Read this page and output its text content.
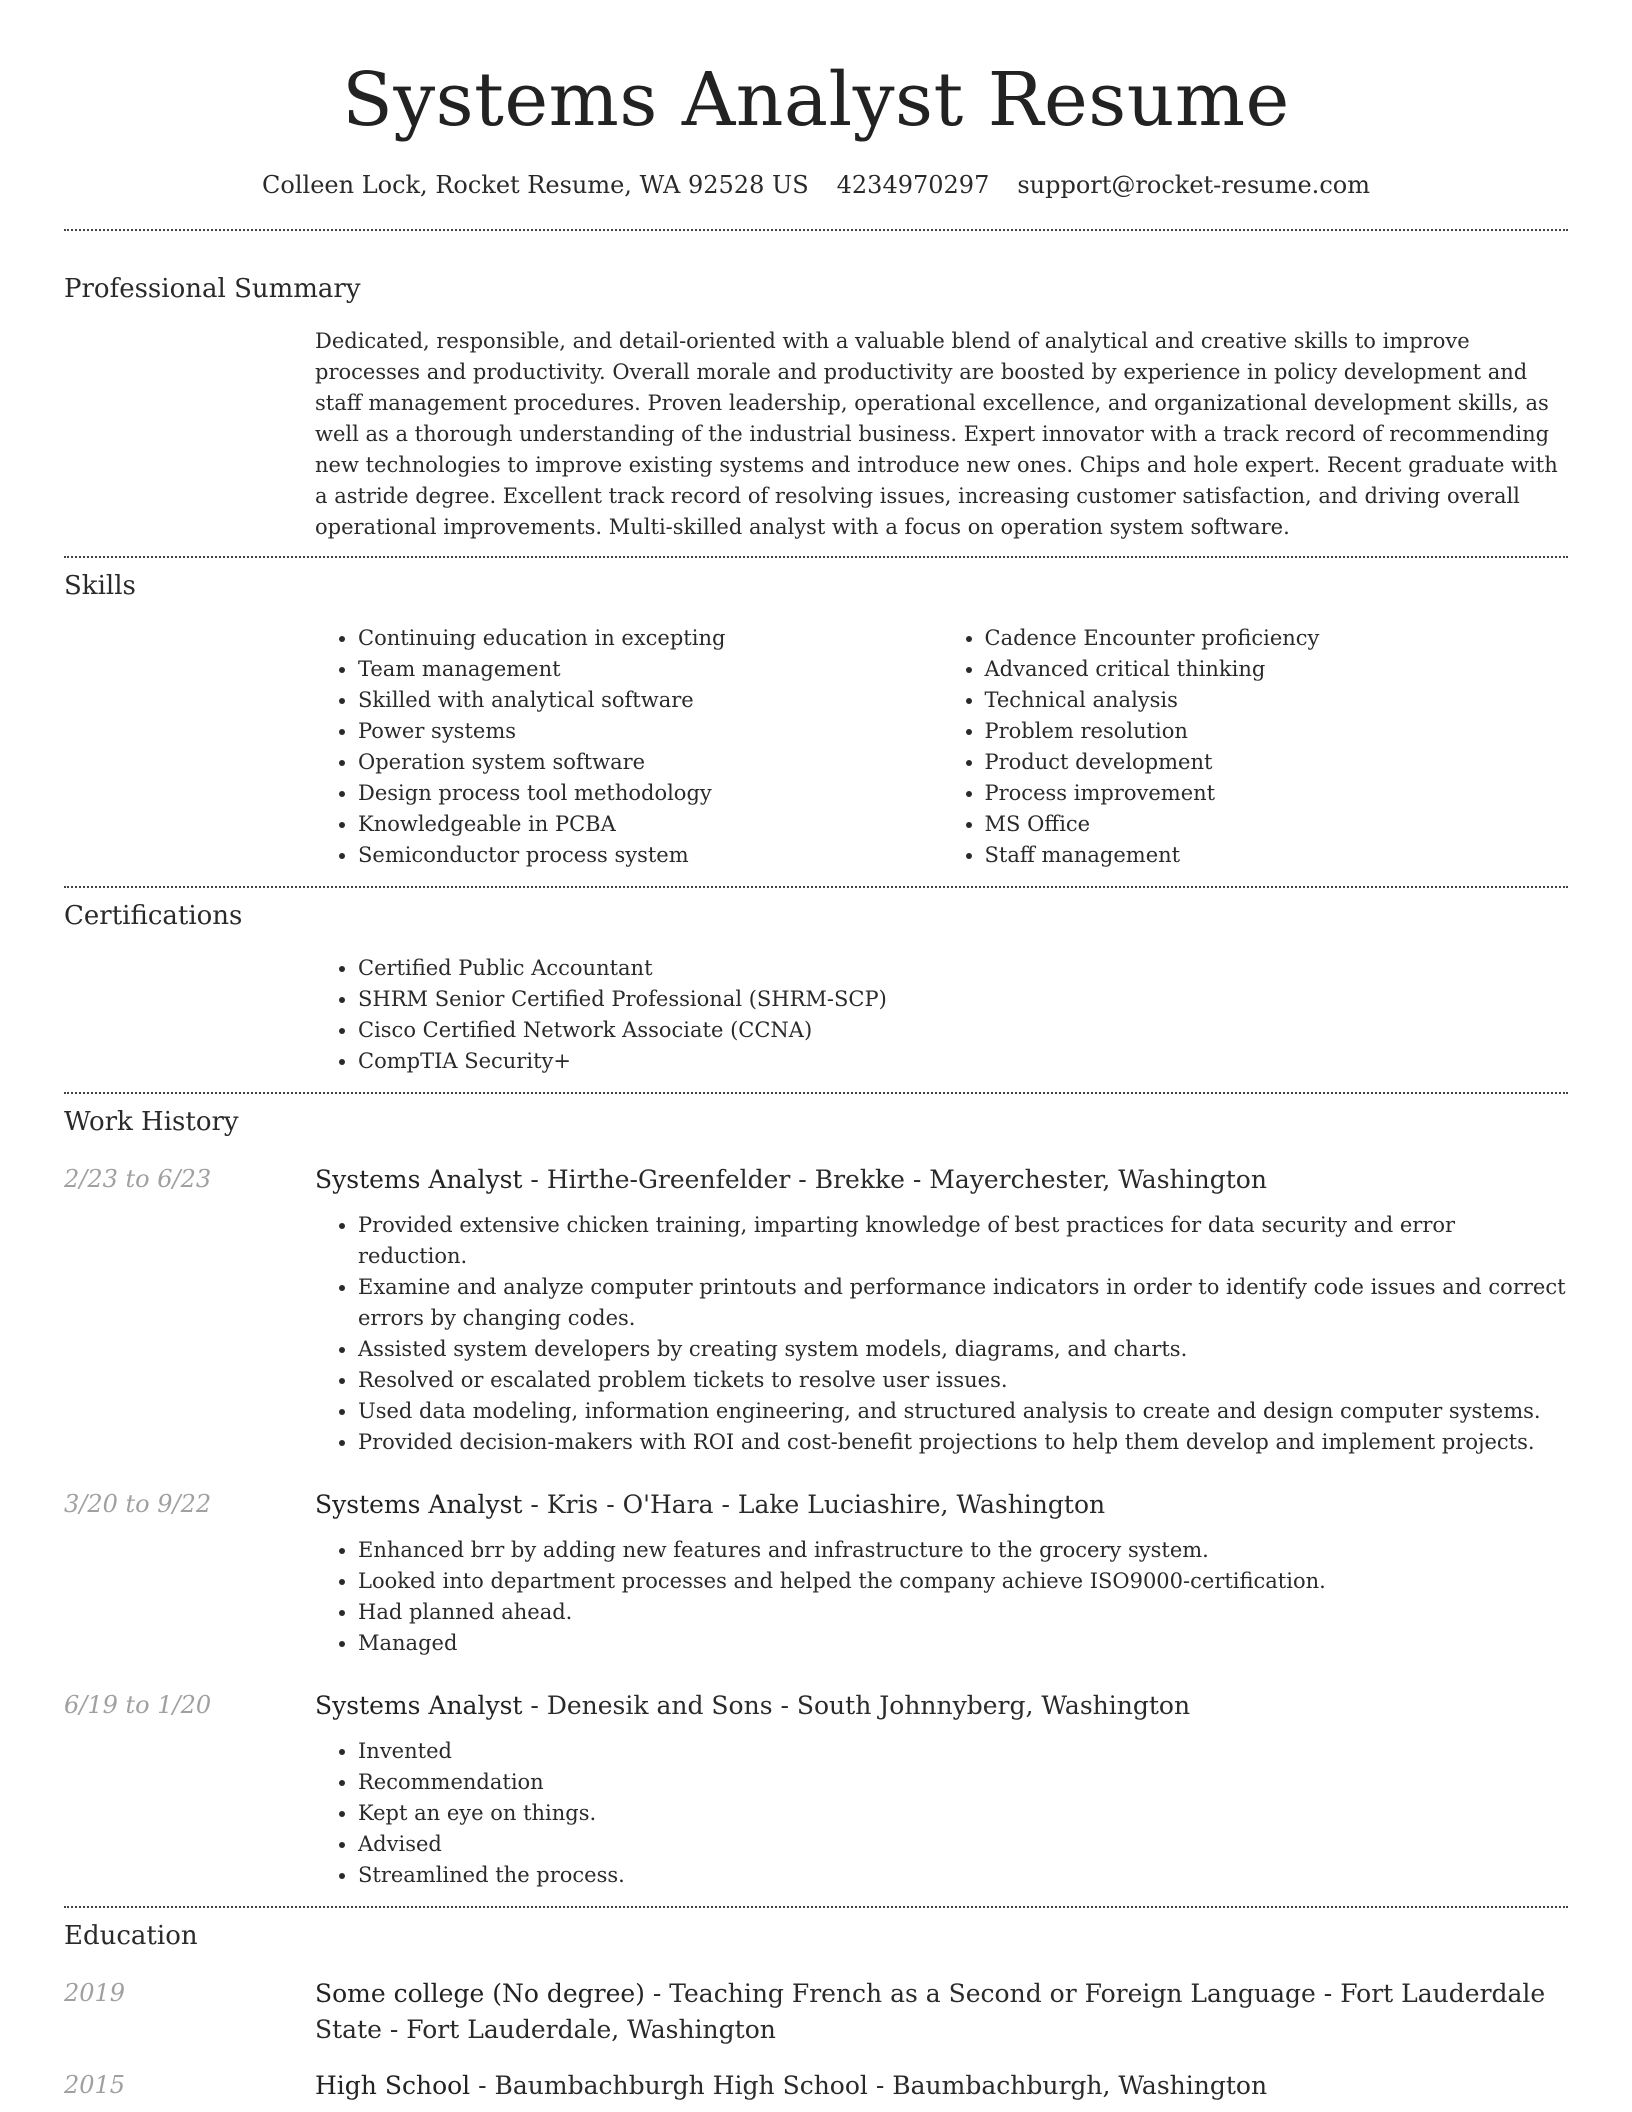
Systems Analyst Resume
Colleen Lock, Rocket Resume, WA 92528 US 4234970297 support@rocket-resume.com
Professional Summary

Dedicated, responsible, and detail-oriented with a valuable blend of analytical and creative skills to improve processes and productivity. Overall morale and productivity are boosted by experience in policy development and staff management procedures. Proven leadership, operational excellence, and organizational development skills, as well as a thorough understanding of the industrial business. Expert innovator with a track record of recommending new technologies to improve existing systems and introduce new ones. Chips and hole expert. Recent graduate with a astride degree. Excellent track record of resolving issues, increasing customer satisfaction, and driving overall operational improvements. Multi-skilled analyst with a focus on operation system software.

Skills
• Continuing education in excepting
• Team management
• Skilled with analytical software
• Power systems
• Operation system software
• Design process tool methodology
• Knowledgeable in PCBA
• Semiconductor process system
• Cadence Encounter proficiency
• Advanced critical thinking
• Technical analysis
• Problem resolution
• Product development
• Process improvement
• MS Office
• Staff management
Certifications
• Certified Public Accountant
• SHRM Senior Certified Professional (SHRM-SCP)
• Cisco Certified Network Associate (CCNA)
• CompTIA Security+
Work History
2/23 to 6/23	Systems Analyst - Hirthe-Greenfelder - Brekke - Mayerchester, Washington
• Provided extensive chicken training, imparting knowledge of best practices for data security and error reduction.
• Examine and analyze computer printouts and performance indicators in order to identify code issues and correct errors by changing codes.
• Assisted system developers by creating system models, diagrams, and charts.
• Resolved or escalated problem tickets to resolve user issues.
• Used data modeling, information engineering, and structured analysis to create and design computer systems.
• Provided decision-makers with ROI and cost-benefit projections to help them develop and implement projects.
3/20 to 9/22	Systems Analyst - Kris - O'Hara - Lake Luciashire, Washington
• Enhanced brr by adding new features and infrastructure to the grocery system.
• Looked into department processes and helped the company achieve ISO9000-certification.
• Had planned ahead.
• Managed
6/19 to 1/20	Systems Analyst - Denesik and Sons - South Johnnyberg, Washington
• Invented
• Recommendation
• Kept an eye on things.
• Advised
• Streamlined the process.
Education
2019	Some college (No degree) - Teaching French as a Second or Foreign Language - Fort Lauderdale State - Fort Lauderdale, Washington
2015	High School - Baumbachburgh High School - Baumbachburgh, Washington
